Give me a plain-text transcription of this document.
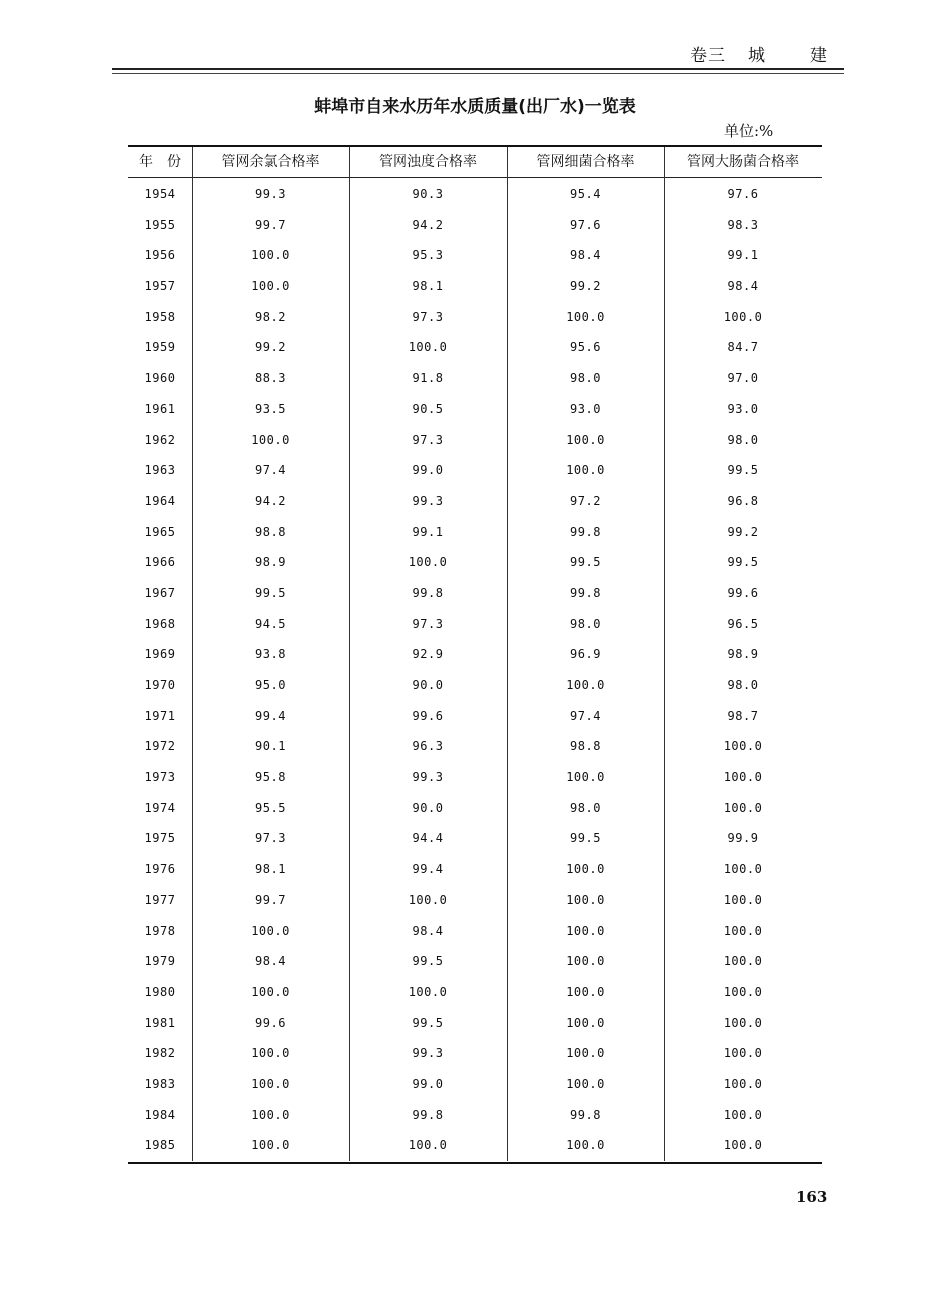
卷三 城	建
蚌埠市自来水历年水质质量(出厂水)一览表
单位:%
年　份	管网余氯合格率	管网浊度合格率	管网细菌合格率	管网大肠菌合格率
1954	99.3	90.3	95.4	97.6
1955	99.7	94.2	97.6	98.3
1956	100.0	95.3	98.4	99.1
1957	100.0	98.1	99.2	98.4
1958	98.2	97.3	100.0	100.0
1959	99.2	100.0	95.6	84.7
1960	88.3	91.8	98.0	97.0
1961	93.5	90.5	93.0	93.0
1962	100.0	97.3	100.0	98.0
1963	97.4	99.0	100.0	99.5
1964	94.2	99.3	97.2	96.8
1965	98.8	99.1	99.8	99.2
1966	98.9	100.0	99.5	99.5
1967	99.5	99.8	99.8	99.6
1968	94.5	97.3	98.0	96.5
1969	93.8	92.9	96.9	98.9
1970	95.0	90.0	100.0	98.0
1971	99.4	99.6	97.4	98.7
1972	90.1	96.3	98.8	100.0
1973	95.8	99.3	100.0	100.0
1974	95.5	90.0	98.0	100.0
1975	97.3	94.4	99.5	99.9
1976	98.1	99.4	100.0	100.0
1977	99.7	100.0	100.0	100.0
1978	100.0	98.4	100.0	100.0
1979	98.4	99.5	100.0	100.0
1980	100.0	100.0	100.0	100.0
1981	99.6	99.5	100.0	100.0
1982	100.0	99.3	100.0	100.0
1983	100.0	99.0	100.0	100.0
1984	100.0	99.8	99.8	100.0
1985	100.0	100.0	100.0	100.0
163
